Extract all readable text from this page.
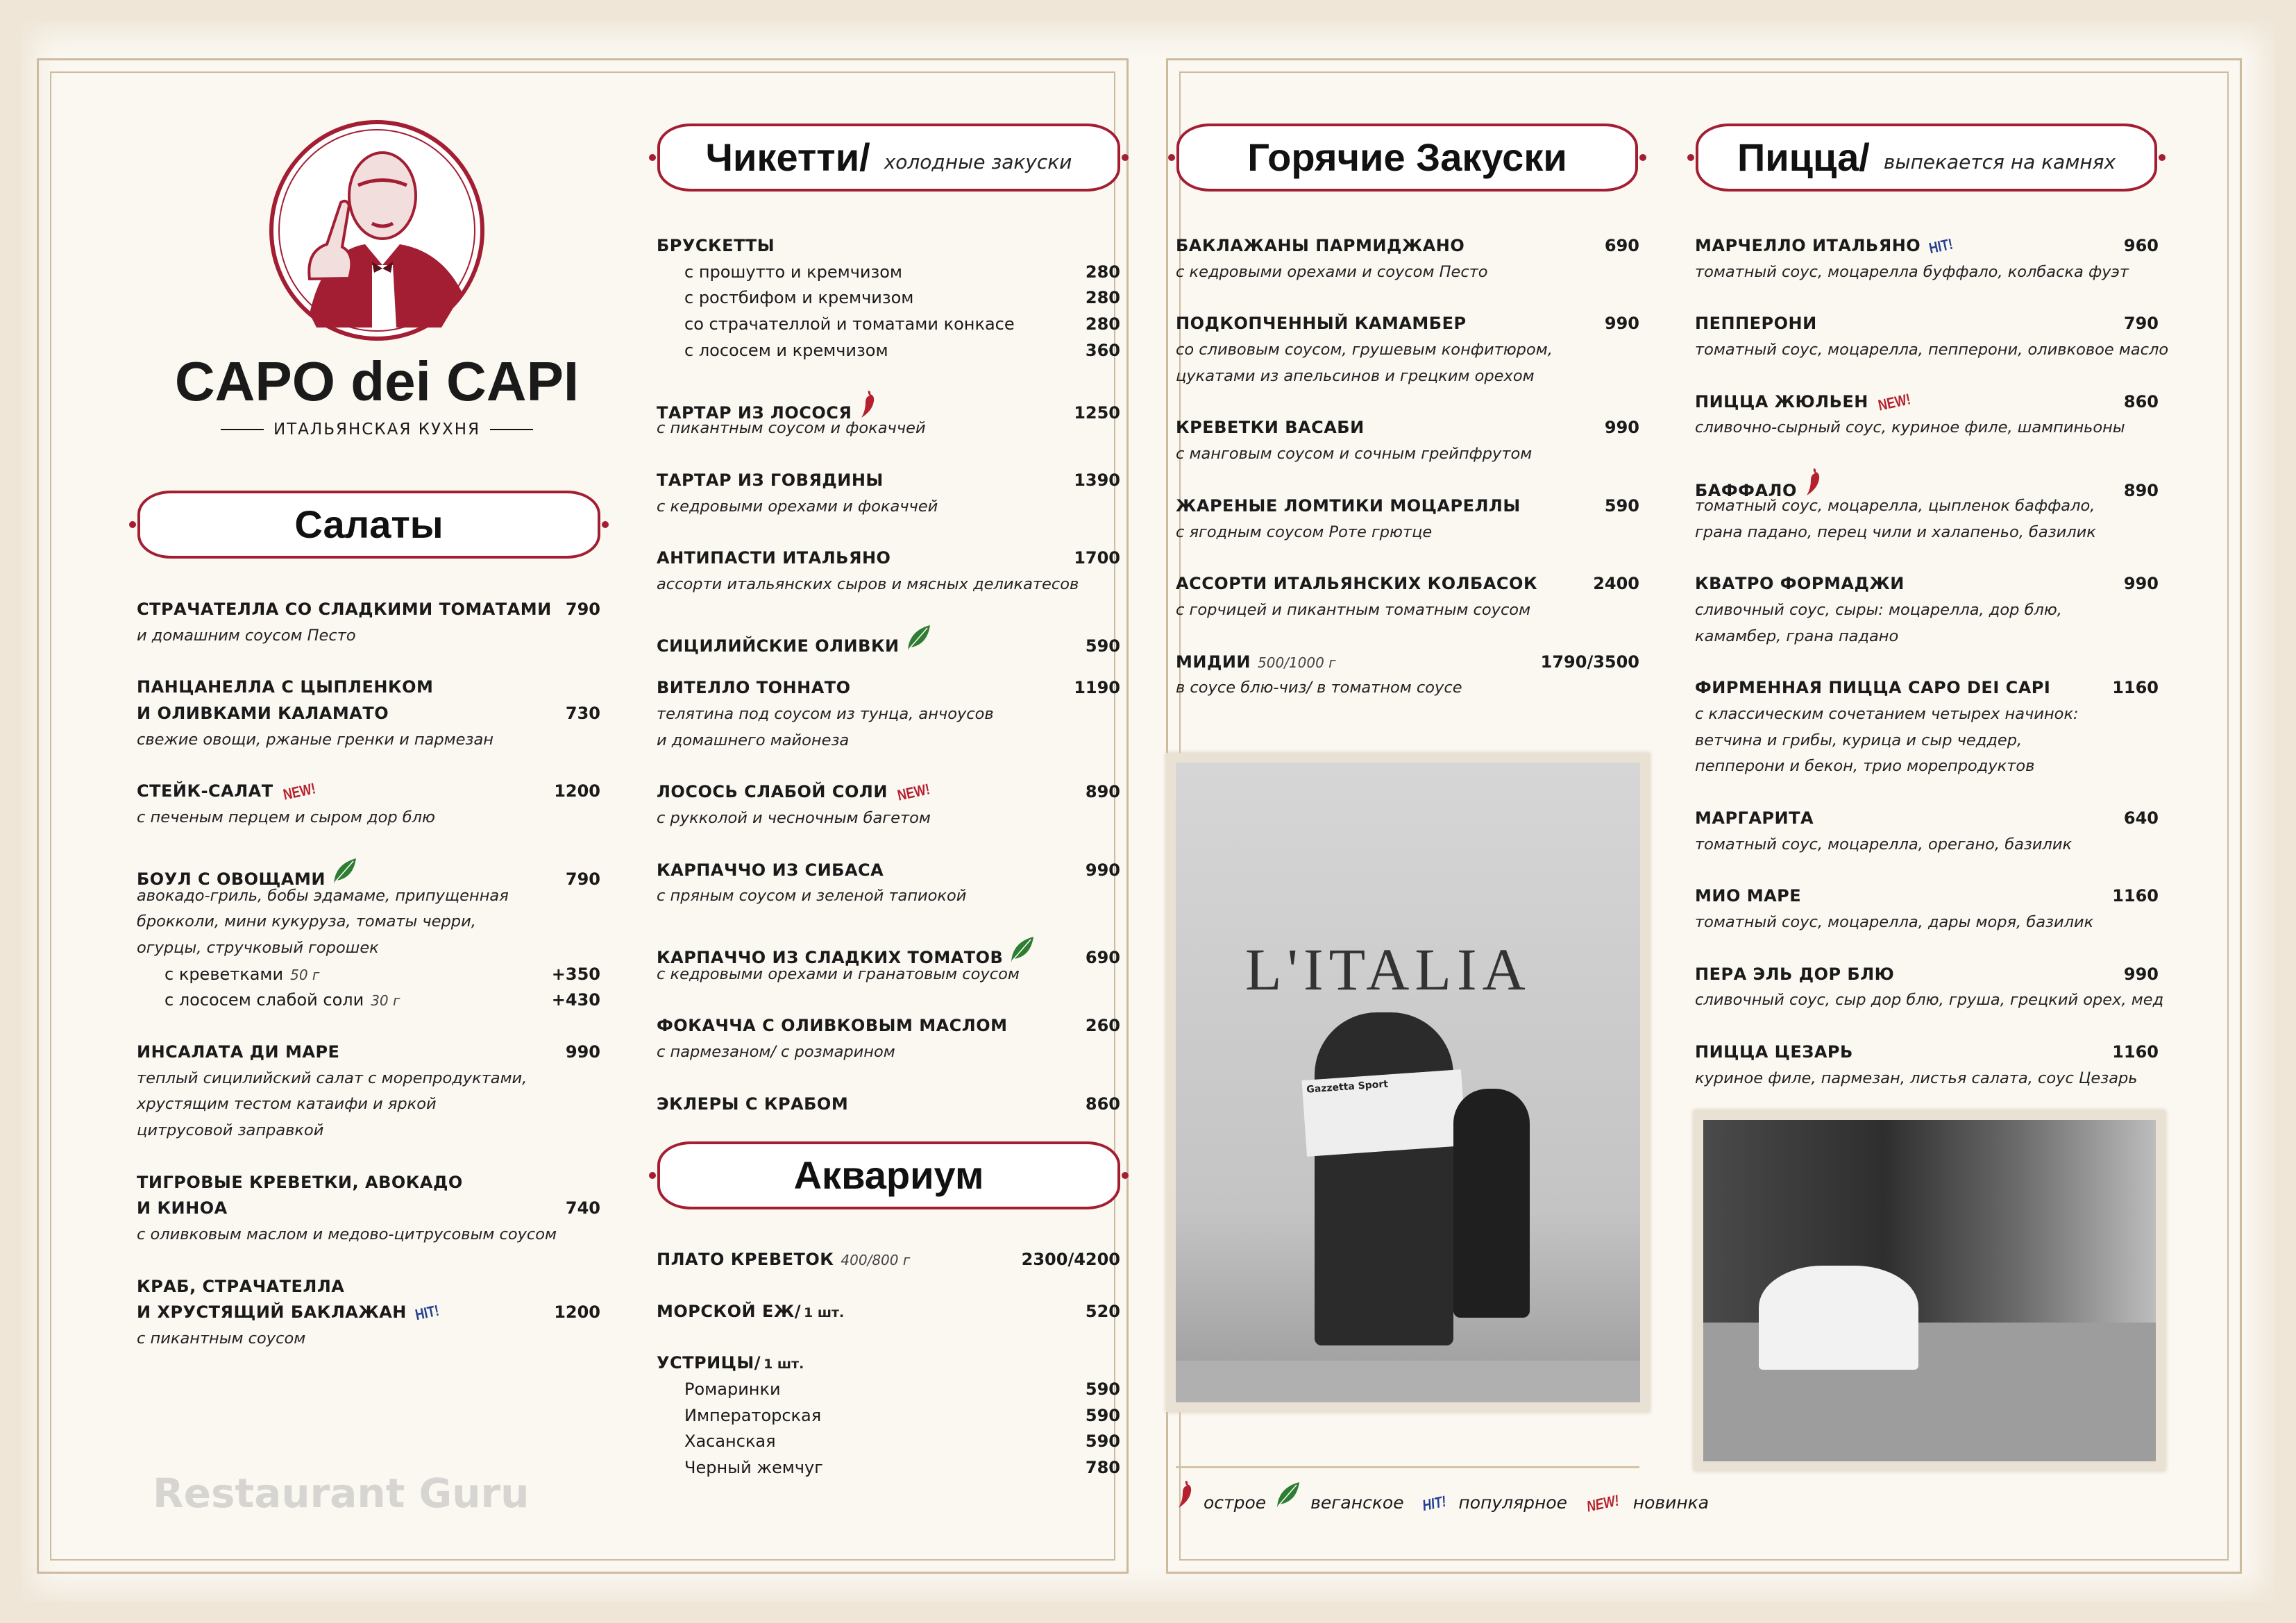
Restaurant Guru
CAPO dei CAPI
ИТАЛЬЯНСКАЯ КУХНЯ
Салаты
Чикетти/ холодные закуски
Аквариум
Горячие Закуски	Пицца/ выпекается на камнях
СТРАЧАТЕЛЛА СО СЛАДКИМИ ТОМАТАМИ 790
и домашним соусом Песто
ПАНЦАНЕЛЛА С ЦЫПЛЕНКОМ
И ОЛИВКАМИ КАЛАМАТО	730
свежие овощи, ржаные гренки и пармезан
СТЕЙК-САЛАТ NEW!	1200
с печеным перцем и сыром дор блю
БОУЛ С ОВОЩАМИ	790
авокадо-гриль, бобы эдамаме, припущенная
брокколи, мини кукуруза, томаты черри,
огурцы, стручковый горошек
с креветками 50 г	+350
с лососем слабой соли 30 г	+430
ИНСАЛАТА ДИ МАРЕ	990
теплый сицилийский салат с морепродуктами,
хрустящим тестом катаифи и яркой
цитрусовой заправкой
ТИГРОВЫЕ КРЕВЕТКИ, АВОКАДО
И КИНОА	740
с оливковым маслом и медово-цитрусовым соусом
КРАБ, СТРАЧАТЕЛЛА
И ХРУСТЯЩИЙ БАКЛАЖАН HIT!	1200
с пикантным соусом
БРУСКЕТТЫ
с прошутто и кремчизом	280
с ростбифом и кремчизом	280
со страчателлой и томатами конкасе	280
с лососем и кремчизом	360
ТАРТАР ИЗ ЛОСОСЯ	1250
с пикантным соусом и фокаччей
ТАРТАР ИЗ ГОВЯДИНЫ	1390
с кедровыми орехами и фокаччей
АНТИПАСТИ ИТАЛЬЯНО	1700
ассорти итальянских сыров и мясных деликатесов
СИЦИЛИЙСКИЕ ОЛИВКИ	590
ВИТЕЛЛО ТОННАТО	1190
телятина под соусом из тунца, анчоусов
и домашнего майонеза
ЛОСОСЬ СЛАБОЙ СОЛИ NEW!	890
с рукколой и чесночным багетом
КАРПАЧЧО ИЗ СИБАСА	990
с пряным соусом и зеленой тапиокой
КАРПАЧЧО ИЗ СЛАДКИХ ТОМАТОВ	690
с кедровыми орехами и гранатовым соусом
ФОКАЧЧА С ОЛИВКОВЫМ МАСЛОМ	260
с пармезаном/ с розмарином
ЭКЛЕРЫ С КРАБОМ	860
ПЛАТО КРЕВЕТОК 400/800 г	2300/4200
МОРСКОЙ ЕЖ/ 1 шт.	520
УСТРИЦЫ/ 1 шт.
Ромаринки	590
Императорская	590
Хасанская	590
Черный жемчуг	780
БАКЛАЖАНЫ ПАРМИДЖАНО	690
с кедровыми орехами и соусом Песто
ПОДКОПЧЕННЫЙ КАМАМБЕР	990
со сливовым соусом, грушевым конфитюром,
цукатами из апельсинов и грецким орехом
КРЕВЕТКИ ВАСАБИ	990
с манговым соусом и сочным грейпфрутом
ЖАРЕНЫЕ ЛОМТИКИ МОЦАРЕЛЛЫ	590
с ягодным соусом Роте грютце
АССОРТИ ИТАЛЬЯНСКИХ КОЛБАСОК	2400
с горчицей и пикантным томатным соусом
МИДИИ 500/1000 г	1790/3500
в соусе блю-чиз/ в томатном соусе
МАРЧЕЛЛО ИТАЛЬЯНО HIT!	960
томатный соус, моцарелла буффало, колбаска фуэт
ПЕППЕРОНИ	790
томатный соус, моцарелла, пепперони, оливковое масло
ПИЦЦА ЖЮЛЬЕН NEW!	860
сливочно-сырный соус, куриное филе, шампиньоны
БАФФАЛО	890
томатный соус, моцарелла, цыпленок баффало,
грана падано, перец чили и халапеньо, базилик
КВАТРО ФОРМАДЖИ	990
сливочный соус, сыры: моцарелла, дор блю,
камамбер, грана падано
ФИРМЕННАЯ ПИЦЦА CAPO DEI CAPI	1160
с классическим сочетанием четырех начинок:
ветчина и грибы, курица и сыр чеддер,
пепперони и бекон, трио морепродуктов
МАРГАРИТА	640
томатный соус, моцарелла, орегано, базилик
МИО МАРЕ	1160
томатный соус, моцарелла, дары моря, базилик
ПЕРА ЭЛЬ ДОР БЛЮ	990
сливочный соус, сыр дор блю, груша, грецкий орех, мед
ПИЦЦА ЦЕЗАРЬ	1160
куриное филе, пармезан, листья салата, соус Цезарь
L'ITALIA
Gazzetta Sport
острое	веганское HIT! популярное NEW! новинка
